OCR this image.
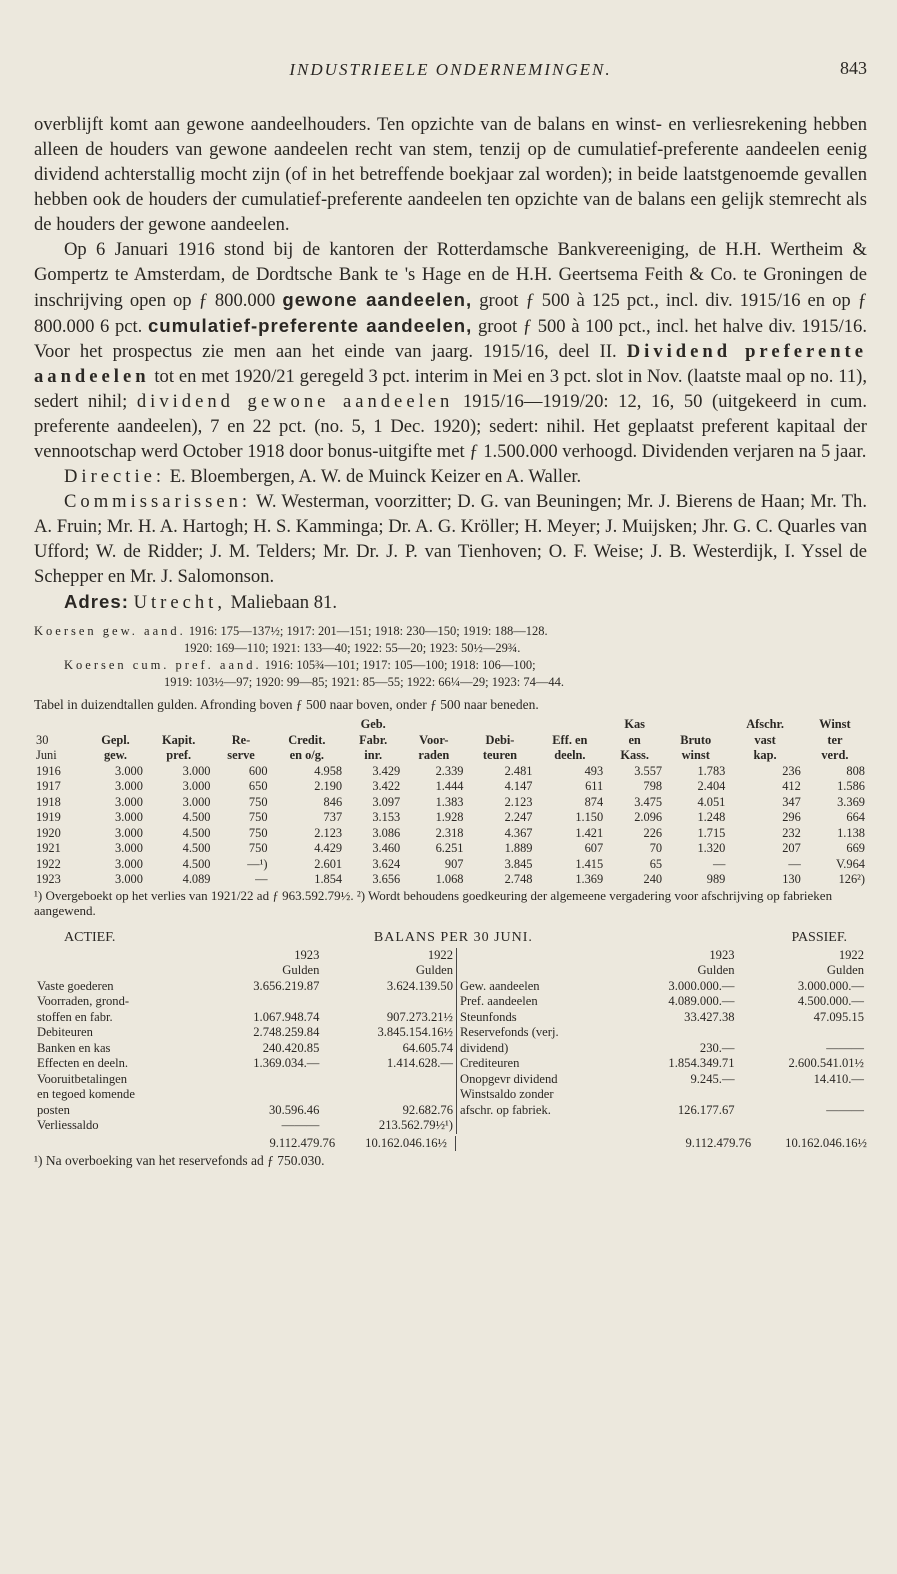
INDUSTRIEELE ONDERNEMINGEN.	843

overblijft komt aan gewone aandeelhouders. Ten opzichte van de balans en winst- en verliesrekening hebben alleen de houders van gewone aandeelen recht van stem, tenzij op de cumulatief-preferente aandeelen eenig dividend achterstallig mocht zijn (of in het betreffende boekjaar zal worden); in beide laatstgenoemde gevallen hebben ook de houders der cumulatief-preferente aandeelen ten opzichte van de balans een gelijk stemrecht als de houders der gewone aandeelen.

Op 6 Januari 1916 stond bij de kantoren der Rotterdamsche Bankvereeniging, de H.H. Wertheim & Gompertz te Amsterdam, de Dordtsche Bank te 's Hage en de H.H. Geertsema Feith & Co. te Groningen de inschrijving open op ƒ 800.000 gewone aandeelen, groot ƒ 500 à 125 pct., incl. div. 1915/16 en op ƒ 800.000 6 pct. cumulatief-preferente aandeelen, groot ƒ 500 à 100 pct., incl. het halve div. 1915/16. Voor het prospectus zie men aan het einde van jaarg. 1915/16, deel II. Dividend preferente aandeelen tot en met 1920/21 geregeld 3 pct. interim in Mei en 3 pct. slot in Nov. (laatste maal op no. 11), sedert nihil; dividend gewone aandeelen 1915/16—1919/20: 12, 16, 50 (uitgekeerd in cum. preferente aandeelen), 7 en 22 pct. (no. 5, 1 Dec. 1920); sedert: nihil. Het geplaatst preferent kapitaal der vennootschap werd October 1918 door bonus-uitgifte met ƒ 1.500.000 verhoogd. Dividenden verjaren na 5 jaar.

Directie: E. Bloembergen, A. W. de Muinck Keizer en A. Waller.

Commissarissen: W. Westerman, voorzitter; D. G. van Beuningen; Mr. J. Bierens de Haan; Mr. Th. A. Fruin; Mr. H. A. Hartogh; H. S. Kamminga; Dr. A. G. Kröller; H. Meyer; J. Muijsken; Jhr. G. C. Quarles van Ufford; W. de Ridder; J. M. Telders; Mr. Dr. J. P. van Tienhoven; O. F. Weise; J. B. Westerdijk, I. Yssel de Schepper en Mr. J. Salomonson.

Adres: Utrecht, Maliebaan 81.

Koersen gew. aand. 1916: 175—137½; 1917: 201—151; 1918: 230—150; 1919: 188—128.
1920: 169—110; 1921: 133—40; 1922: 55—20; 1923: 50½—29¾.
Koersen cum. pref. aand. 1916: 105¾—101; 1917: 105—100; 1918: 106—100;
1919: 103½—97; 1920: 99—85; 1921: 85—55; 1922: 66¼—29; 1923: 74—44.
Tabel in duizendtallen gulden. Afronding boven ƒ 500 naar boven, onder ƒ 500 naar beneden.
					Geb.				Kas		Afschr.	Winst
30	Gepl.	Kapit.	Re-	Credit.	Fabr.	Voor-	Debi-	Eff. en	en	Bruto	vast	ter
Juni	gew.	pref.	serve	en o/g.	inr.	raden	teuren	deeln.	Kass.	winst	kap.	verd.
1916	3.000	3.000	600	4.958	3.429	2.339	2.481	493	3.557	1.783	236	808
1917	3.000	3.000	650	2.190	3.422	1.444	4.147	611	798	2.404	412	1.586
1918	3.000	3.000	750	846	3.097	1.383	2.123	874	3.475	4.051	347	3.369
1919	3.000	4.500	750	737	3.153	1.928	2.247	1.150	2.096	1.248	296	664
1920	3.000	4.500	750	2.123	3.086	2.318	4.367	1.421	226	1.715	232	1.138
1921	3.000	4.500	750	4.429	3.460	6.251	1.889	607	70	1.320	207	669
1922	3.000	4.500	—¹)	2.601	3.624	907	3.845	1.415	65	—	—	V.964
1923	3.000	4.089	—	1.854	3.656	1.068	2.748	1.369	240	989	130	126²)
¹) Overgeboekt op het verlies van 1921/22 ad ƒ 963.592.79½. ²) Wordt behoudens goedkeuring der algemeene vergadering voor afschrijving op fabrieken aangewend.
ACTIEF.	BALANS PER 30 JUNI.	PASSIEF.
	1923	1922
	Gulden	Gulden
Vaste goederen	3.656.219.87	3.624.139.50
Voorraden, grond-		
stoffen en fabr.	1.067.948.74	907.273.21½
Debiteuren	2.748.259.84	3.845.154.16½
Banken en kas	240.420.85	64.605.74
Effecten en deeln.	1.369.034.—	1.414.628.—
Vooruitbetalingen		
en tegoed komende		
posten	30.596.46	92.682.76
Verliessaldo	———	213.562.79½¹)
	1923	1922
	Gulden	Gulden
Gew. aandeelen	3.000.000.—	3.000.000.—
Pref. aandeelen	4.089.000.—	4.500.000.—
Steunfonds	33.427.38	47.095.15
Reservefonds (verj.		
dividend)	230.—	———
Crediteuren	1.854.349.71	2.600.541.01½
Onopgevr dividend	9.245.—	14.410.—
Winstsaldo zonder		
afschr. op fabriek.	126.177.67	———
9.112.479.76 10.162.046.16½	9.112.479.76	10.162.046.16½
¹) Na overboeking van het reservefonds ad ƒ 750.030.
